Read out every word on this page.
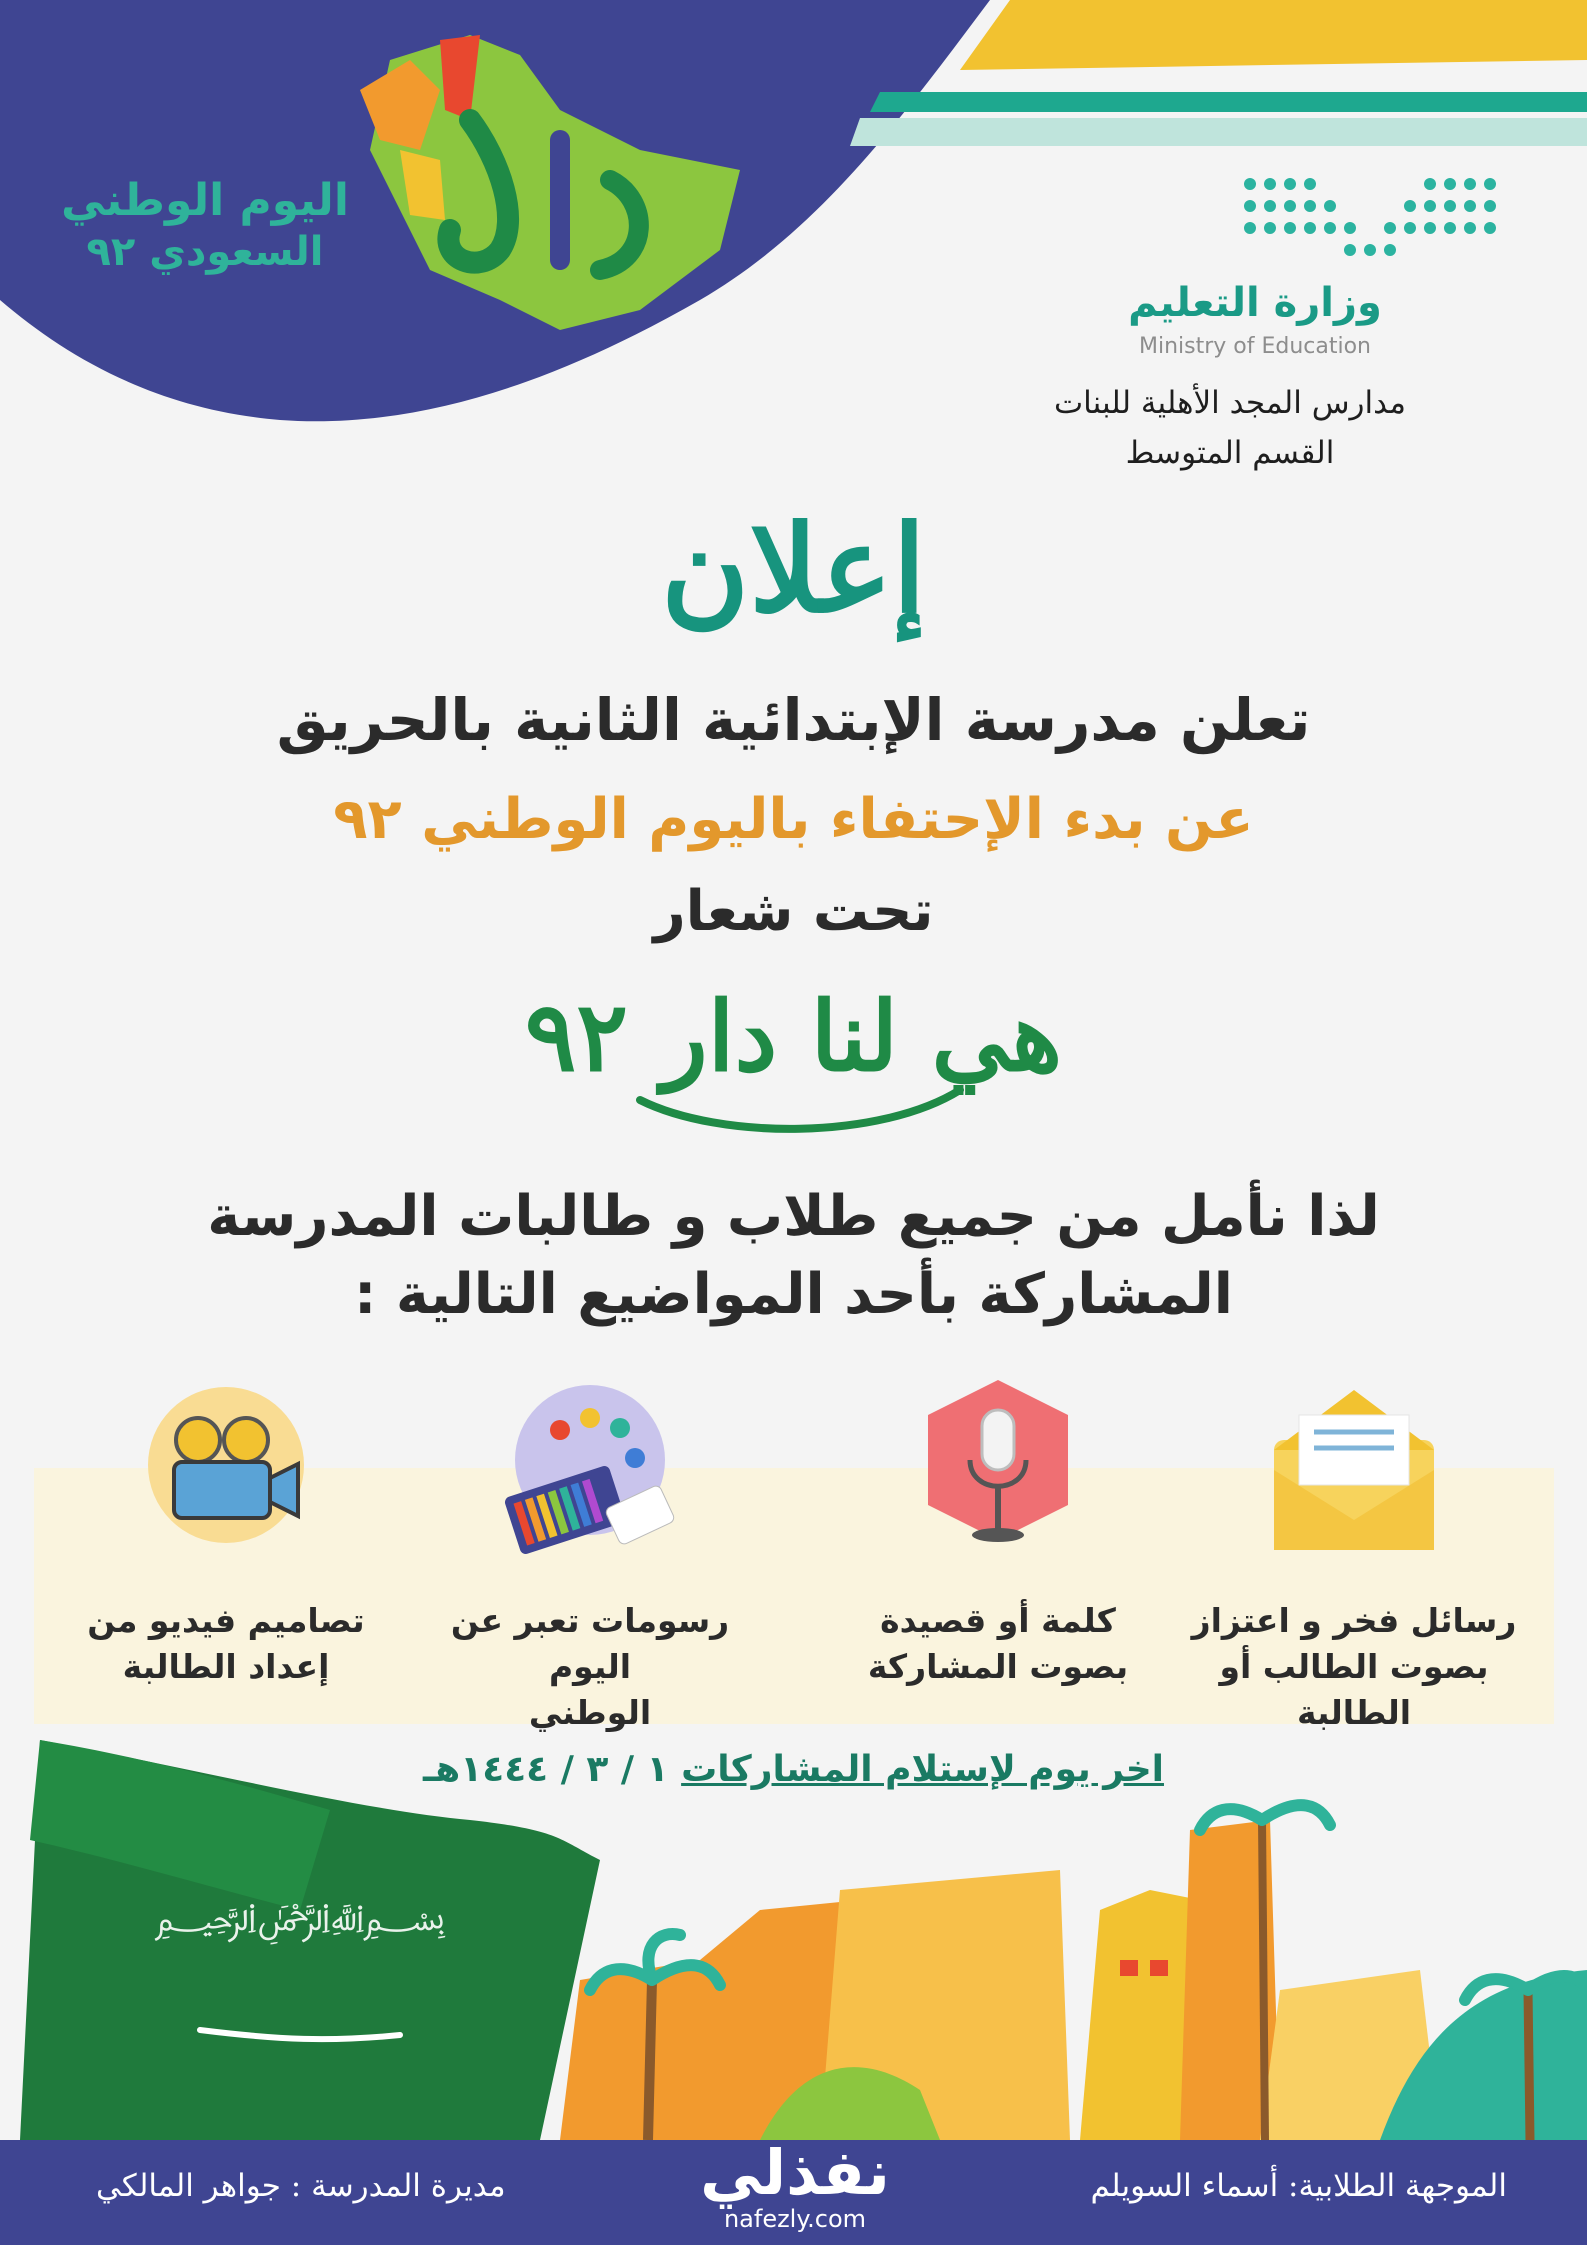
اليوم الوطني
السعودي ٩٢
وزارة التعليم
Ministry of Education
مدارس المجد الأهلية للبنات
القسم المتوسط
إعلان
تعلن مدرسة الإبتدائية الثانية بالحريق
عن بدء الإحتفاء باليوم الوطني ٩٢
تحت شعار
هي لنا دار ٩٢
لذا نأمل من جميع طلاب و طالبات المدرسة
المشاركة بأحد المواضيع التالية :
رسائل فخر و اعتزاز
بصوت الطالب أو
الطالبة
كلمة أو قصيدة
بصوت المشاركة
رسومات تعبر عن اليوم
الوطني
تصاميم فيديو من
إعداد الطالبة
﷽
اخر يوم لإستلام المشاركات ١ / ٣ / ١٤٤٤هـ
الموجهة الطلابية: أسماء السويلم
مديرة المدرسة : جواهر المالكي	نفذلي
nafezly.com
